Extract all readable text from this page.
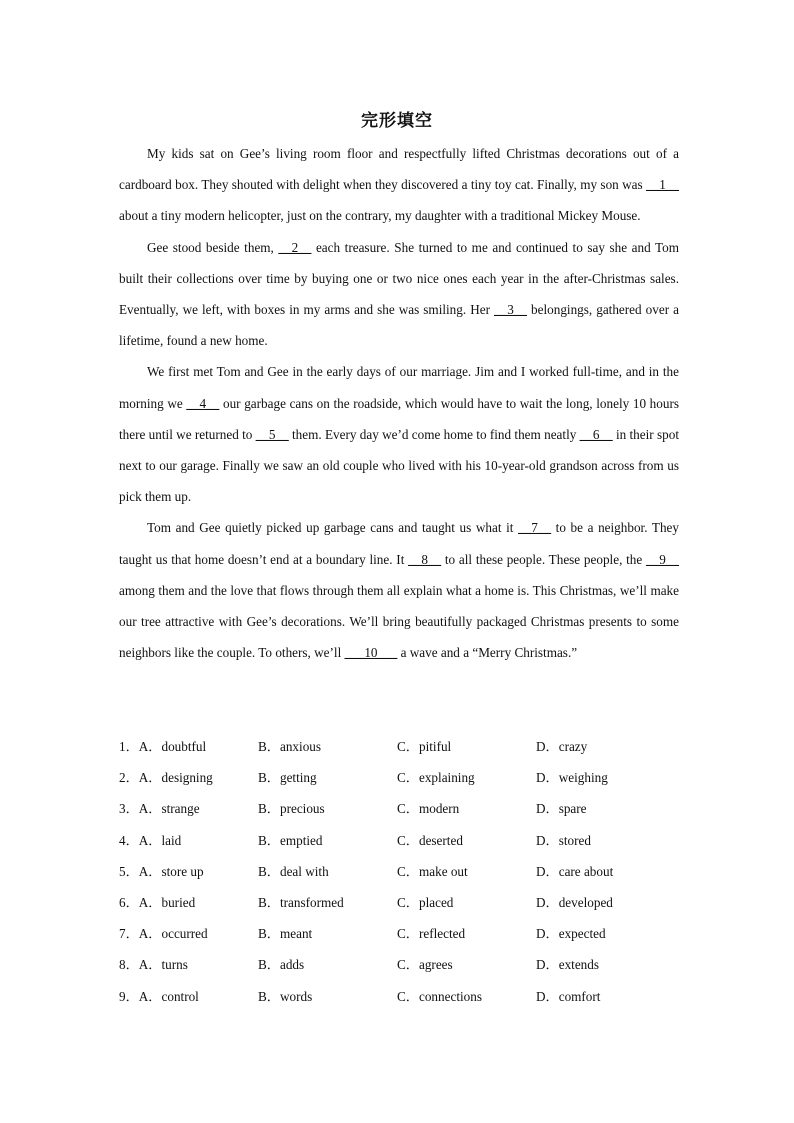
完形填空

My kids sat on Gee’s living room floor and respectfully lifted Christmas decorations out of a cardboard box. They shouted with delight when they discovered a tiny toy cat. Finally, my son was __1__ about a tiny modern helicopter, just on the contrary, my daughter with a traditional Mickey Mouse.

Gee stood beside them, __2__ each treasure. She turned to me and continued to say she and Tom built their collections over time by buying one or two nice ones each year in the after-Christmas sales. Eventually, we left, with boxes in my arms and she was smiling. Her __3__ belongings, gathered over a lifetime, found a new home.

We first met Tom and Gee in the early days of our marriage. Jim and I worked full-time, and in the morning we __4__ our garbage cans on the roadside, which would have to wait the long, lonely 10 hours there until we returned to __5__ them. Every day we’d come home to find them neatly __6__ in their spot next to our garage. Finally we saw an old couple who lived with his 10-year-old grandson across from us pick them up.

Tom and Gee quietly picked up garbage cans and taught us what it __7__ to be a neighbor. They taught us that home doesn’t end at a boundary line. It __8__ to all these people. These people, the __9__ among them and the love that flows through them all explain what a home is. This Christmas, we’ll make our tree attractive with Gee’s decorations. We’ll bring beautifully packaged Christmas presents to some neighbors like the couple. To others, we’ll ___10___ a wave and a “Merry Christmas.”

1．A．doubtful	B．anxious	C．pitiful	D．crazy
2．A．designing	B．getting	C．explaining	D．weighing
3．A．strange	B．precious	C．modern	D．spare
4．A．laid	B．emptied	C．deserted	D．stored
5．A．store up	B．deal with	C．make out	D．care about
6．A．buried	B．transformed	C．placed	D．developed
7．A．occurred	B．meant	C．reflected	D．expected
8．A．turns	B．adds	C．agrees	D．extends
9．A．control	B．words	C．connections	D．comfort
